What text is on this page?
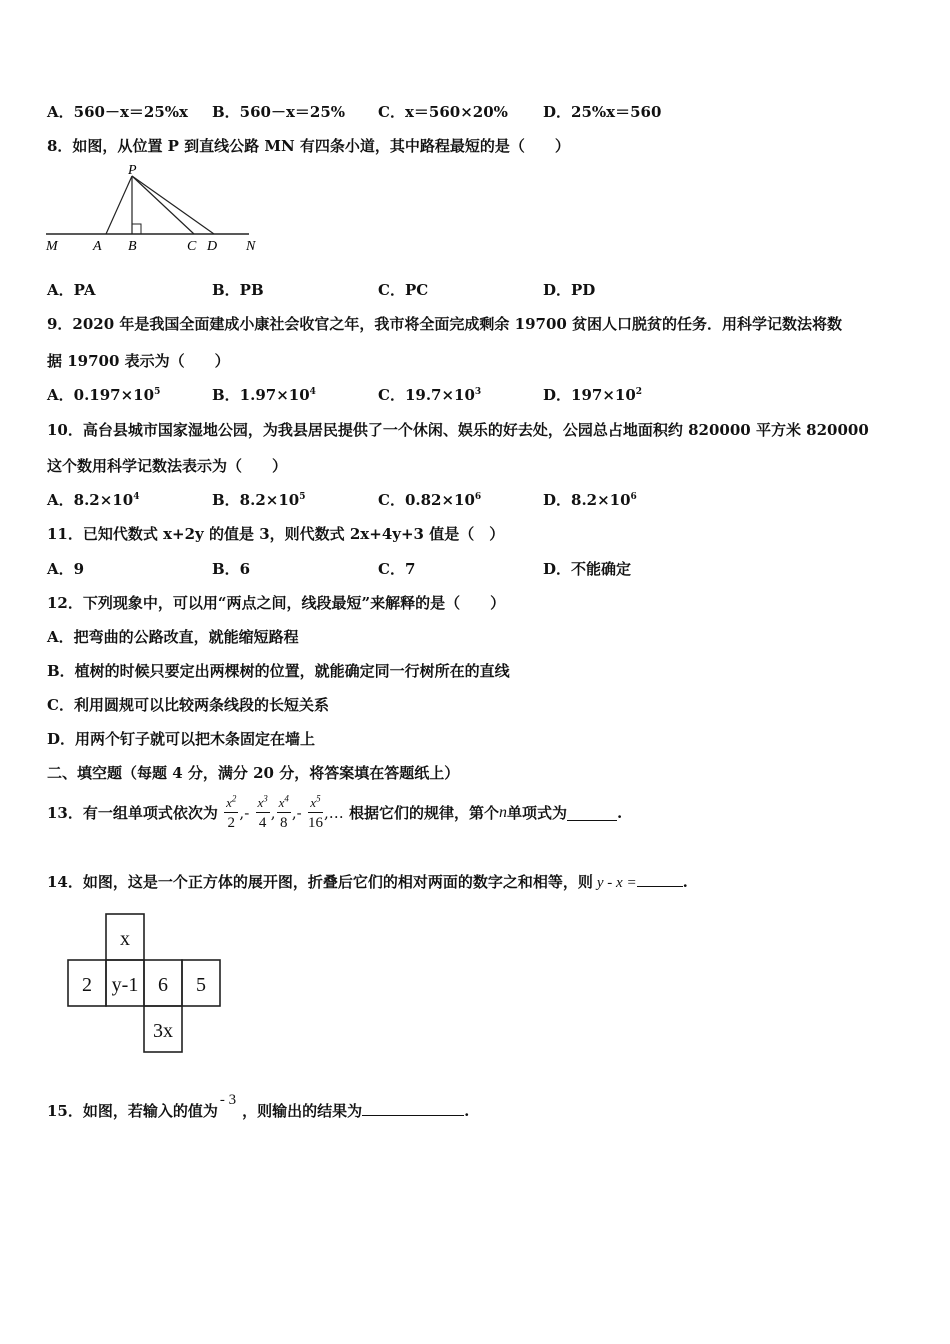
A．560－x＝25%x B．560－x＝25% C．x＝560×20% D．25%x＝560
8．如图，从位置 P 到直线公路 MN 有四条小道，其中路程最短的是（　　）
P
M	A B	C D N
A．PA	B．PB	C．PC	D．PD
9．2020 年是我国全面建成小康社会收官之年，我市将全面完成剩余 19700 贫困人口脱贫的任务．用科学记数法将数
据 19700 表示为（　　）
A．$0.197\times 10^5$	B．$1.97\times 10^4$	C．$19.7\times 10^3$	D．$197\times 10^2$
10．高台县城市国家湿地公园，为我县居民提供了一个休闲、娱乐的好去处，公园总占地面积约 820000 平方米 820000
这个数用科学记数法表示为（　　）
A．$8.2\times 10^4$	B．$8.2\times 10^5$	C．$0.82\times 10^6$	D．$8.2\times 10^6$
11．已知代数式 x+2y 的值是 3，则代数式 2x+4y+3 值是（　）
A．9	B．6	C．7	D．不能确定
12．下列现象中，可以用“两点之间，线段最短”来解释的是（　　）
A．把弯曲的公路改直，就能缩短路程
B．植树的时候只要定出两棵树的位置，就能确定同一行树所在的直线
C．利用圆规可以比较两条线段的长短关系
D．用两个钉子就可以把木条固定在墙上
二、填空题（每题 4 分，满分 20 分，将答案填在答题纸上）
13．有一组单项式依次为 $\frac{x^2}{2}$ ,- $\frac{x^3}{4}$ , $\frac{x^4}{8}$ ,- $\frac{x^5}{16}$ ,… 根据它们的规律，第个n单项式为	.
14．如图，这是一个正方体的展开图，折叠后它们的相对两面的数字之和相等，则 y - x =	.
x
2 y-1 6 5
3x
15．如图，若输入的值为- 3，则输出的结果为	.
